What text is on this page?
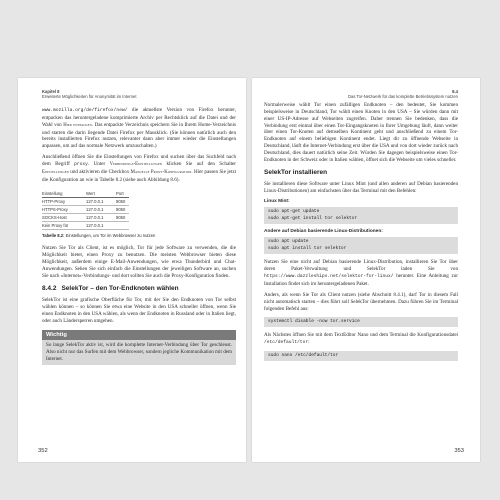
Kapitel 8
Erweiterte Möglichkeiten für Anonymität im Internet

www.mozilla.org/de/firefox/new/ die aktuellste Version von Firefox herunter, entpacken das heruntergeladene komprimierte Archiv per Rechtsklick auf die Datei und der Wahl von Hier entpacken. Das entpackte Verzeichnis speichern Sie in Ihrem Home-Verzeichnis und starten die darin liegende Datei Firefox per Mausklick. (Sie können natürlich auch den bereits installierten Firefox nutzen, relevanter dann aber immer wieder die Einstellungen anpassen, um auf das normale Netzwerk umzuschalten.)

Anschließend öffnen Sie die Einstellungen von Firefox und suchen über das Suchfeld nach dem Begriff proxy. Unter Verbindungs-Einstellungen klicken Sie auf den Schalter Einstellungen und aktivieren die Checkbox Manuelle Proxy-Konfiguration. Hier passen Sie jetzt die Konfiguration an wie in Tabelle 8.2 (siehe auch Abbildung 8.6).

Einstellung	Wert	Port
HTTP-Proxy	127.0.0.1	9050
HTTPS-Proxy	127.0.0.1	9050
SOCKS-Host	127.0.0.1	9050
Kein Proxy für	127.0.0.1	
Tabelle 8.2: Einstellungen, um Tor im Webbrowser zu nutzen

Nutzen Sie Tor als Client, ist es möglich, Tor für jede Software zu verwenden, die die Möglichkeit bietet, einen Proxy zu benutzen. Die meisten Webbrowser bieten diese Möglichkeit, außerdem einige E-Mail-Anwendungen, wie etwa Thunderbird und Chat-Anwendungen. Sehen Sie sich einfach die Einstellungen der jeweiligen Software an, suchen Sie nach »Internet«-Verbindungs- und dort sollten Sie auch die Proxy-Konfiguration finden.

8.4.2 SelekTor – den Tor-Endknoten wählen

SelekTor ist eine grafische Oberfläche für Tor, mit der Sie den Endknoten von Tor selbst wählen können – so können Sie etwa eine Website in den USA schneller öffnen, wenn Sie einen Endknoten in den USA wählen, als wenn der Endknoten in Russland oder in Italien liegt, oder auch Ländersperren umgehen.

Wichtig

So lange SelekTor aktiv ist, wird die komplette Internet-Verbindung über Tor geschleust. Also nicht nur das Surfen mit dem Webbrowser, sondern jegliche Kommunikation mit dem Internet.

352
8.4
Das Tor-Netzwerk für das komplette Betriebssystem nutzen

Normalerweise wählt Tor einen zufälligen Endknoten – den bedeutet, Sie kommen beispielsweise in Deutschland, Tor wählt einen Knoten in den USA – Sie würden dann mit einer US-IP-Adresse auf Webseiten zugreifen. Daher trennen Sie bedenken, dass die Verbindung erst einmal über einen Tor-Eingangsknoten in Ihrer Umgebung läuft, dann weiter über einen Tor-Knoten auf demselben Kontinent geht und anschließend zu einem Tor-Endknoten auf einem beliebigen Kontinent endet. Liegt dir zu öffnende Webseite in Deutschland, läuft die Internet-Verbindung erst über die USA und von dort wieder zurück nach Deutschland, dies dauert natürlich seine Zeit. Würden Sie dagegen beispielsweise einen Tor-Endknoten in der Schweiz oder in Italien wählen, öffnet sich die Webseite um vieles schneller.

SelekTor installieren

Sie installieren diese Software unter Linux Mint (und allen anderen auf Debian basierenden Linux-Distributionen) am einfachsten über das Terminal mit den Befehlen:

Linux Mint:
sudo apt-get update
sudo apt-get install tor selektor
Andere auf Debian basierende Linux-Distributionen:
sudo apt update
sudo apt install tor selektor

Nutzen Sie eine nicht auf Debian basierende Linux-Distribution, installieren Sie Tor über deren Paket-Verwaltung und SelekTor laden Sie von https://www.dazzleships.net/selektor-for-linux/ herunter. Eine Anleitung zur Installation findet sich im heruntergeladenen Paket.

Anders, als wenn Sie Tor als Client nutzen (siehe Abschnitt 8.4.1), darf Tor in diesem Fall nicht automatisch starten – dies führt soll SelekTor übernehmen. Dazu führen Sie im Terminal folgenden Befehl aus:

systemctl disable -now tor.service

Als Nächstes öffnen Sie mit dem TextEditor Nano und dem Terminal die Konfigurationsdatei /etc/default/tor:

sudo nano /etc/default/tor
353
